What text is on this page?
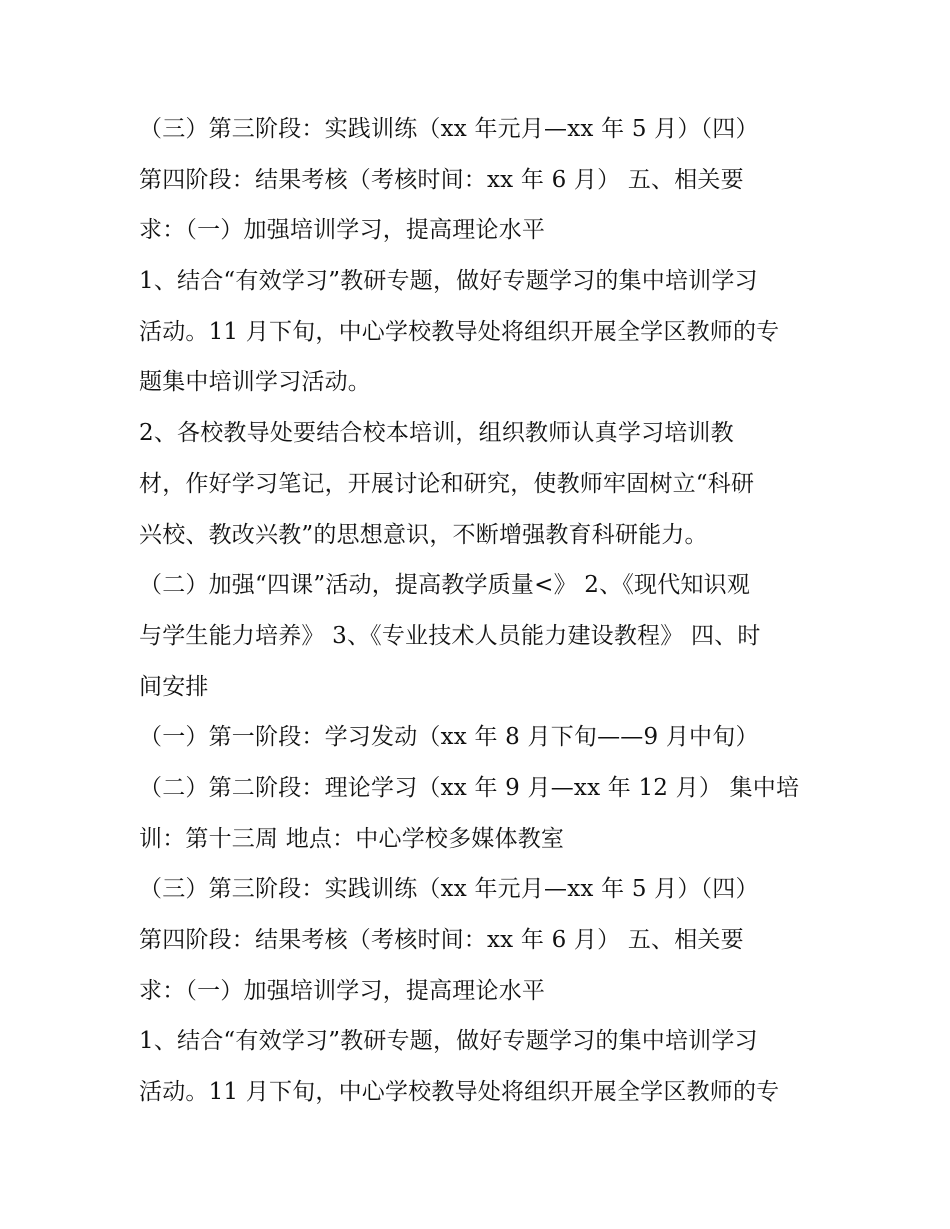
（三）第三阶段：实践训练（xx 年元月—xx 年 5 月）（四）
第四阶段：结果考核（考核时间：xx 年 6 月） 五、相关要
求：（一）加强培训学习，提高理论水平
1、结合“有效学习”教研专题，做好专题学习的集中培训学习
活动。11 月下旬，中心学校教导处将组织开展全学区教师的专
题集中培训学习活动。
2、各校教导处要结合校本培训，组织教师认真学习培训教
材，作好学习笔记，开展讨论和研究，使教师牢固树立“科研
兴校、教改兴教”的思想意识，不断增强教育科研能力。
（二）加强“四课”活动，提高教学质量<》 2、《现代知识观
与学生能力培养》 3、《专业技术人员能力建设教程》 四、时
间安排
（一）第一阶段：学习发动（xx 年 8 月下旬——9 月中旬）
（二）第二阶段：理论学习（xx 年 9 月—xx 年 12 月） 集中培
训：第十三周 地点：中心学校多媒体教室
（三）第三阶段：实践训练（xx 年元月—xx 年 5 月）（四）
第四阶段：结果考核（考核时间：xx 年 6 月） 五、相关要
求：（一）加强培训学习，提高理论水平
1、结合“有效学习”教研专题，做好专题学习的集中培训学习
活动。11 月下旬，中心学校教导处将组织开展全学区教师的专
